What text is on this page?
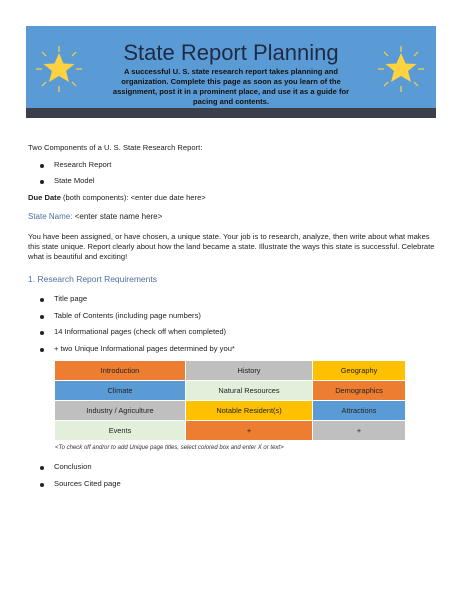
State Report Planning
A successful U. S. state research report takes planning and organization. Complete this page as soon as you learn of the assignment, post it in a prominent place, and use it as a guide for pacing and contents.
Two Components of a U. S. State Research Report:
Research Report
State Model
Due Date (both components): <enter due date here>
State Name: <enter state name here>
You have been assigned, or have chosen, a unique state. Your job is to research, analyze, then write about what makes this state unique. Report clearly about how the land became a state. Illustrate the ways this state is successful. Celebrate what is beautiful and exciting!
1. Research Report Requirements
Title page
Table of Contents (including page numbers)
14 Informational pages (check off when completed)
+ two Unique Informational pages determined by you*
Introduction	History	Geography
Climate	Natural Resources	Demographics
Industry / Agriculture	Notable Resident(s)	Attractions
Events	+	+
<To check off and/or to add Unique page titles, select colored box and enter X or text>
Conclusion
Sources Cited page
